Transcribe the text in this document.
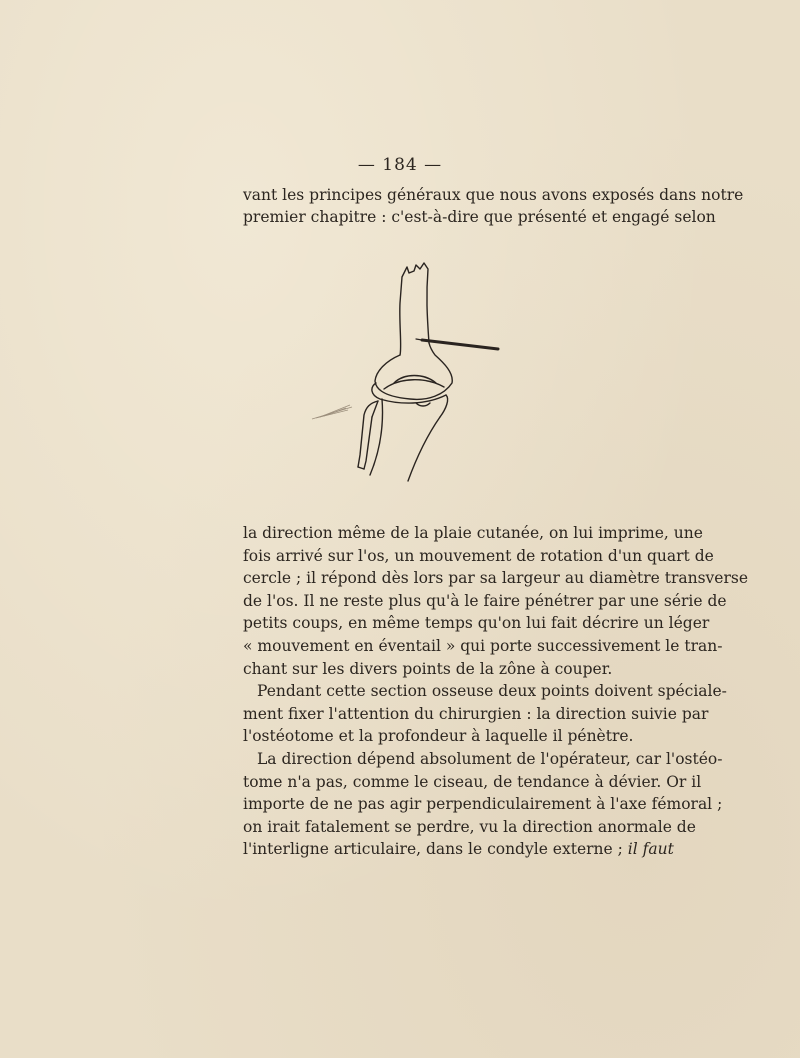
— 184 —
vant les principes généraux que nous avons exposés dans notre
premier chapitre : c'est-à-dire que présenté et engagé selon
la direction même de la plaie cutanée, on lui imprime, une
fois arrivé sur l'os, un mouvement de rotation d'un quart de
cercle ; il répond dès lors par sa largeur au diamètre transverse
de l'os. Il ne reste plus qu'à le faire pénétrer par une série de
petits coups, en même temps qu'on lui fait décrire un léger
« mouvement en éventail » qui porte successivement le tran-
chant sur les divers points de la zône à couper.
Pendant cette section osseuse deux points doivent spéciale-
ment fixer l'attention du chirurgien : la direction suivie par
l'ostéotome et la profondeur à laquelle il pénètre.
La direction dépend absolument de l'opérateur, car l'ostéo-
tome n'a pas, comme le ciseau, de tendance à dévier. Or il
importe de ne pas agir perpendiculairement à l'axe fémoral ;
on irait fatalement se perdre, vu la direction anormale de
l'interligne articulaire, dans le condyle externe ; il faut
